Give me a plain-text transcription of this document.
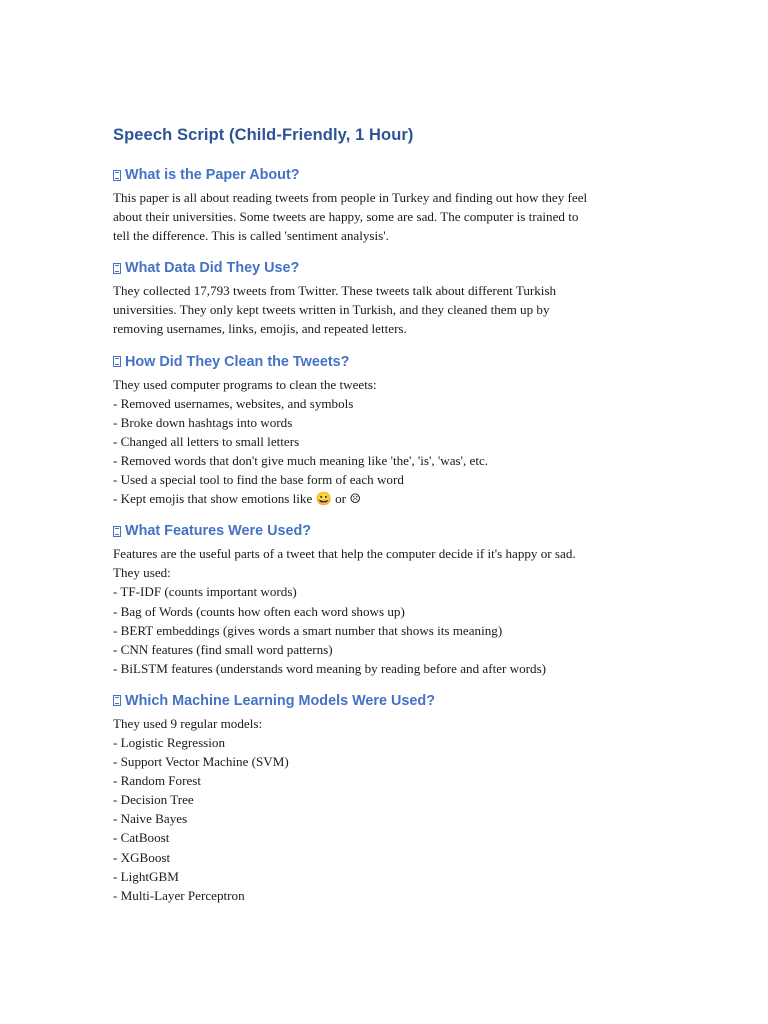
Speech Script (Child-Friendly, 1 Hour)
What is the Paper About?
This paper is all about reading tweets from people in Turkey and finding out how they feel
about their universities. Some tweets are happy, some are sad. The computer is trained to
tell the difference. This is called 'sentiment analysis'.
What Data Did They Use?
They collected 17,793 tweets from Twitter. These tweets talk about different Turkish
universities. They only kept tweets written in Turkish, and they cleaned them up by
removing usernames, links, emojis, and repeated letters.
How Did They Clean the Tweets?
They used computer programs to clean the tweets:
- Removed usernames, websites, and symbols
- Broke down hashtags into words
- Changed all letters to small letters
- Removed words that don't give much meaning like 'the', 'is', 'was', etc.
- Used a special tool to find the base form of each word
- Kept emojis that show emotions like 😀 or ☹
What Features Were Used?
Features are the useful parts of a tweet that help the computer decide if it's happy or sad.
They used:
- TF-IDF (counts important words)
- Bag of Words (counts how often each word shows up)
- BERT embeddings (gives words a smart number that shows its meaning)
- CNN features (find small word patterns)
- BiLSTM features (understands word meaning by reading before and after words)
Which Machine Learning Models Were Used?
They used 9 regular models:
- Logistic Regression
- Support Vector Machine (SVM)
- Random Forest
- Decision Tree
- Naive Bayes
- CatBoost
- XGBoost
- LightGBM
- Multi-Layer Perceptron
